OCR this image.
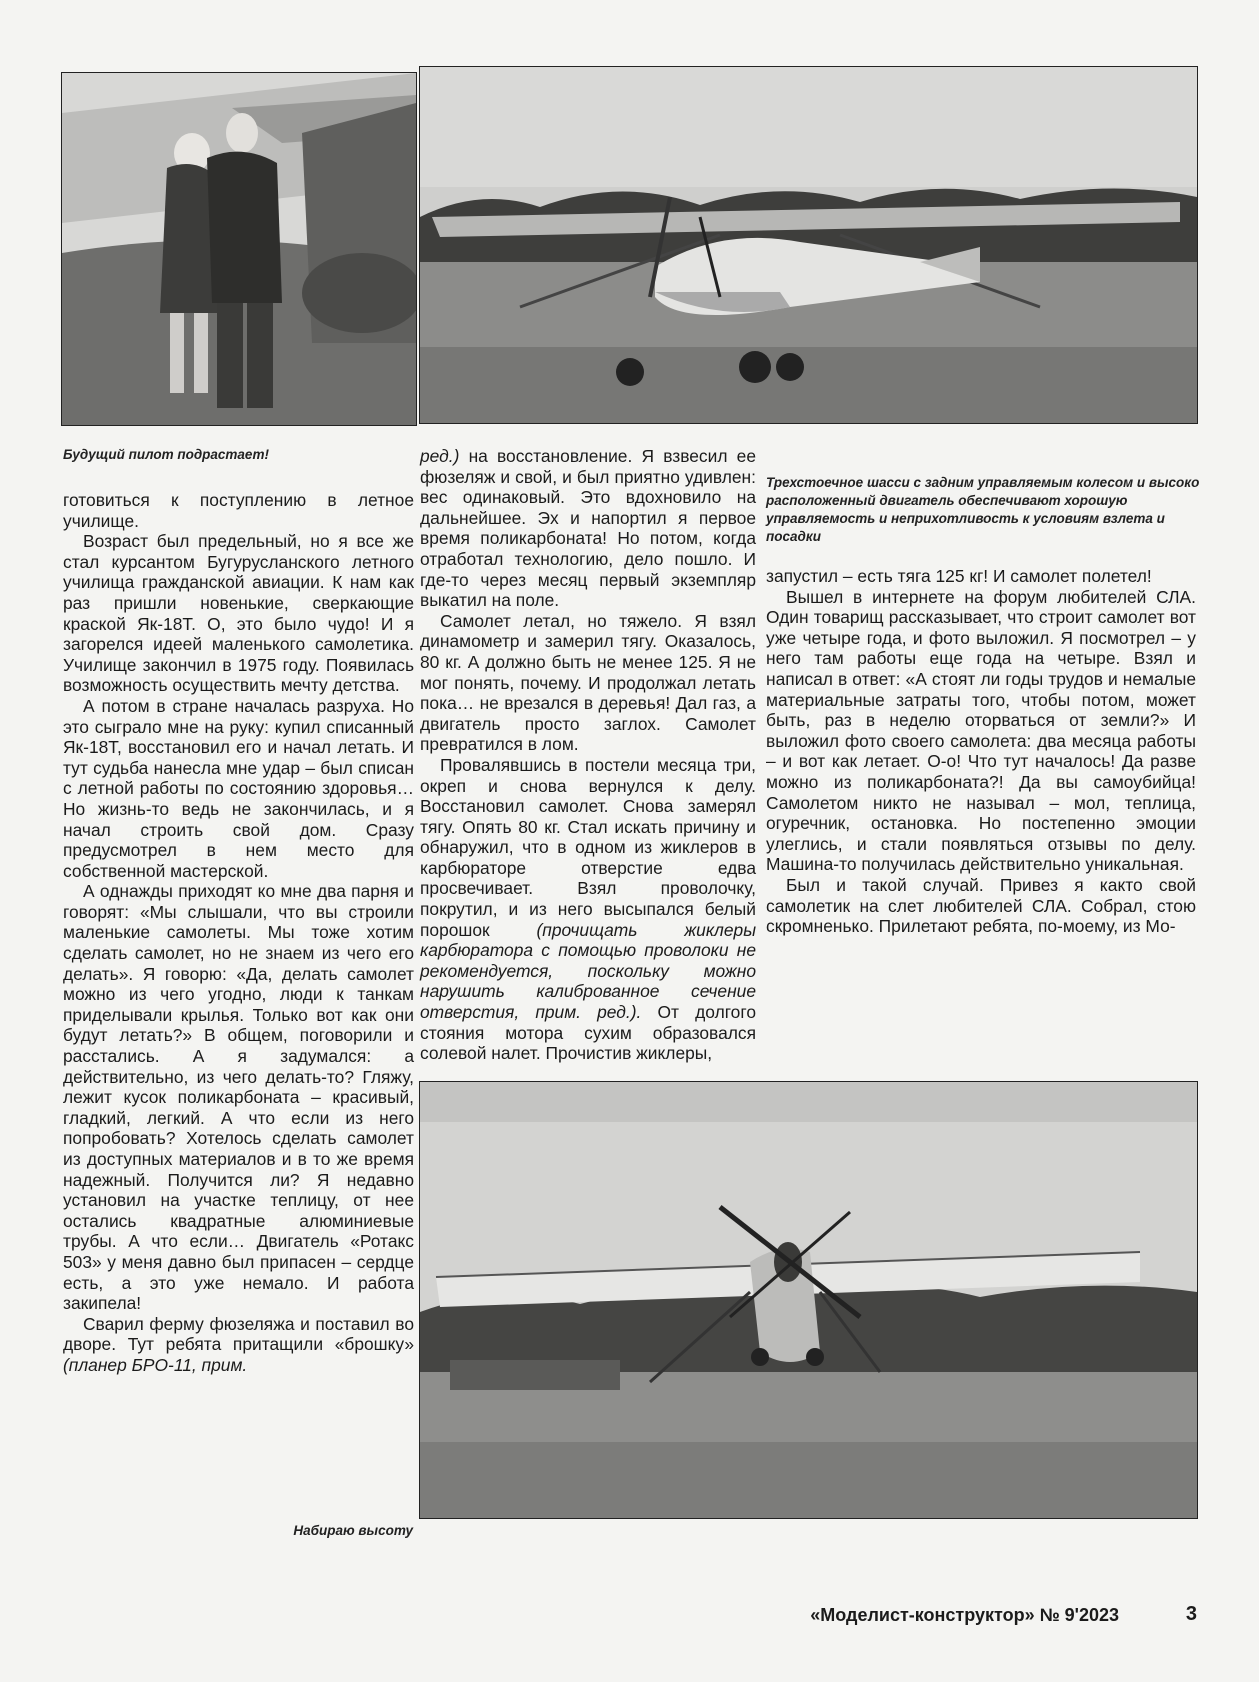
Будущий пилот подрастает!
Трехстоечное шасси с задним управляемым колесом и высоко расположенный двигатель обеспечивают хорошую управляемость и неприхотливость к условиям взлета и посадки
Набираю высоту

готовиться к поступлению в летное училище.

Возраст был предельный, но я все же стал курсантом Бугурусланского летного училища гражданской авиации. К нам как раз пришли новенькие, сверкающие краской Як-18Т. О, это было чудо! И я загорелся идеей маленького самолетика. Училище закончил в 1975 году. Появилась возможность осуществить мечту детства.

А потом в стране началась разруха. Но это сыграло мне на руку: купил списанный Як-18Т, восстановил его и начал летать. И тут судьба нанесла мне удар – был списан с летной работы по состоянию здоровья… Но жизнь-то ведь не закончилась, и я начал строить свой дом. Сразу предусмотрел в нем место для собственной мастерской.

А однажды приходят ко мне два парня и говорят: «Мы слышали, что вы строили маленькие самолеты. Мы тоже хотим сделать самолет, но не знаем из чего его делать». Я говорю: «Да, делать самолет можно из чего угодно, люди к танкам приделывали крылья. Только вот как они будут летать?» В общем, поговорили и расстались. А я задумался: а действительно, из чего делать-то? Гляжу, лежит кусок поликарбоната – красивый, гладкий, легкий. А что если из него попробовать? Хотелось сделать самолет из доступных материалов и в то же время надежный. Получится ли? Я недавно установил на участке теплицу, от нее остались квадратные алюминиевые трубы. А что если… Двигатель «Ротакс 503» у меня давно был припасен – сердце есть, а это уже немало. И работа закипела!

Сварил ферму фюзеляжа и поставил во дворе. Тут ребята притащили «брошку» (планер БРО-11, прим.

ред.) на восстановление. Я взвесил ее фюзеляж и свой, и был приятно удивлен: вес одинаковый. Это вдохновило на дальнейшее. Эх и напортил я первое время поликарбоната! Но потом, когда отработал технологию, дело пошло. И где-то через месяц первый экземпляр выкатил на поле.

Самолет летал, но тяжело. Я взял динамометр и замерил тягу. Оказалось, 80 кг. А должно быть не менее 125. Я не мог понять, почему. И продолжал летать пока… не врезался в деревья! Дал газ, а двигатель просто заглох. Самолет превратился в лом.

Провалявшись в постели месяца три, окреп и снова вернулся к делу. Восстановил самолет. Снова замерял тягу. Опять 80 кг. Стал искать причину и обнаружил, что в одном из жиклеров в карбюраторе отверстие едва просвечивает. Взял проволочку, покрутил, и из него высыпался белый порошок	(прочищать жиклеры карбюратора с помощью проволоки не рекомендуется, поскольку можно нарушить калиброванное сечение отверстия, прим. ред.). От долгого стояния мотора сухим образовался солевой налет. Прочистив жиклеры,

запустил – есть тяга 125 кг! И самолет полетел!

Вышел в интернете на форум любителей СЛА. Один товарищ рассказывает, что строит самолет вот уже четыре года, и фото выложил. Я посмотрел – у него там работы еще года на четыре. Взял и написал в ответ: «А стоят ли годы трудов и немалые материальные затраты того, чтобы потом, может быть, раз в неделю оторваться от земли?» И выложил фото своего самолета: два месяца работы – и вот как летает. О-о! Что тут началось! Да разве можно из поликарбоната?! Да вы самоубийца! Самолетом никто не называл – мол, теплица, огуречник, остановка. Но постепенно эмоции улеглись, и стали появляться отзывы по делу. Машина-то получилась действительно уникальная.

Был и такой случай. Привез я както свой самолетик на слет любителей СЛА. Собрал, стою скромненько. Прилетают ребята, по-моему, из Мо-

«Моделист-конструктор» № 9'2023	3
